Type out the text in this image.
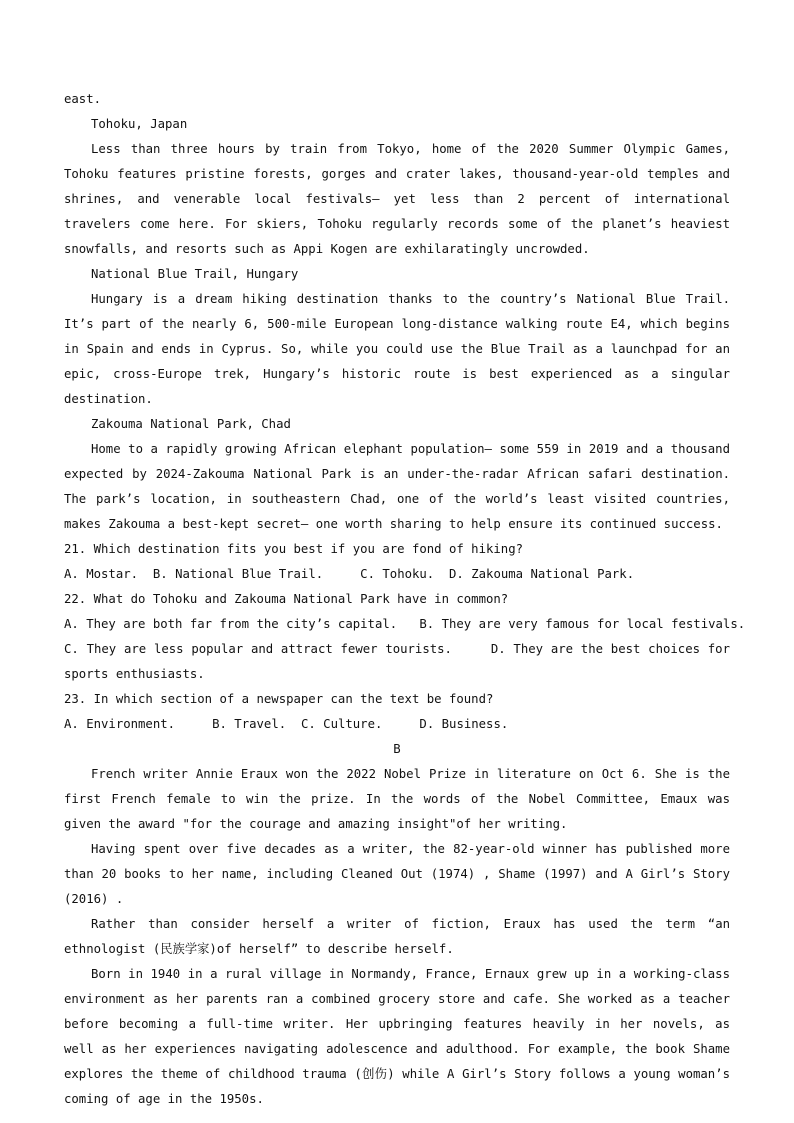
east.

Tohoku, Japan

Less than three hours by train from Tokyo, home of the 2020 Summer Olympic Games, Tohoku features pristine forests, gorges and crater lakes, thousand-year-old temples and shrines, and venerable local festivals— yet less than 2 percent of international travelers come here. For skiers, Tohoku regularly records some of the planet’s heaviest snowfalls, and resorts such as Appi Kogen are exhilaratingly uncrowded.

National Blue Trail, Hungary

Hungary is a dream hiking destination thanks to the country’s National Blue Trail. It’s part of the nearly 6, 500-mile European long-distance walking route E4, which begins in Spain and ends in Cyprus. So, while you could use the Blue Trail as a launchpad for an epic, cross-Europe trek, Hungary’s historic route is best experienced as a singular destination.

Zakouma National Park, Chad

Home to a rapidly growing African elephant population— some 559 in 2019 and a thousand expected by 2024-Zakouma National Park is an under-the-radar African safari destination. The park’s location, in southeastern Chad, one of the world’s least visited countries, makes Zakouma a best-kept secret— one worth sharing to help ensure its continued success.

21. Which destination fits you best if you are fond of hiking?

A. Mostar. B. National Blue Trail.	C. Tohoku. D. Zakouma National Park.

22. What do Tohoku and Zakouma National Park have in common?

A. They are both far from the city’s capital. B. They are very famous for local festivals.

C. They are less popular and attract fewer tourists.	D. They are the best choices for sports enthusiasts.

23. In which section of a newspaper can the text be found?

A. Environment.	B. Travel. C. Culture.	D. Business.

B

French writer Annie Eraux won the 2022 Nobel Prize in literature on Oct 6. She is the first French female to win the prize. In the words of the Nobel Committee, Emaux was given the award "for the courage and amazing insight"of her writing.

Having spent over five decades as a writer, the 82-year-old winner has published more than 20 books to her name, including Cleaned Out (1974) , Shame (1997) and A Girl’s Story (2016) .

Rather than consider herself a writer of fiction, Eraux has used the term “an ethnologist (民族学家)of herself” to describe herself.

Born in 1940 in a rural village in Normandy, France, Ernaux grew up in a working-class environment as her parents ran a combined grocery store and cafe. She worked as a teacher before becoming a full-time writer. Her upbringing features heavily in her novels, as well as her experiences navigating adolescence and adulthood. For example, the book Shame explores the theme of childhood trauma (创伤) while A Girl’s Story follows a young woman’s coming of age in the 1950s.
